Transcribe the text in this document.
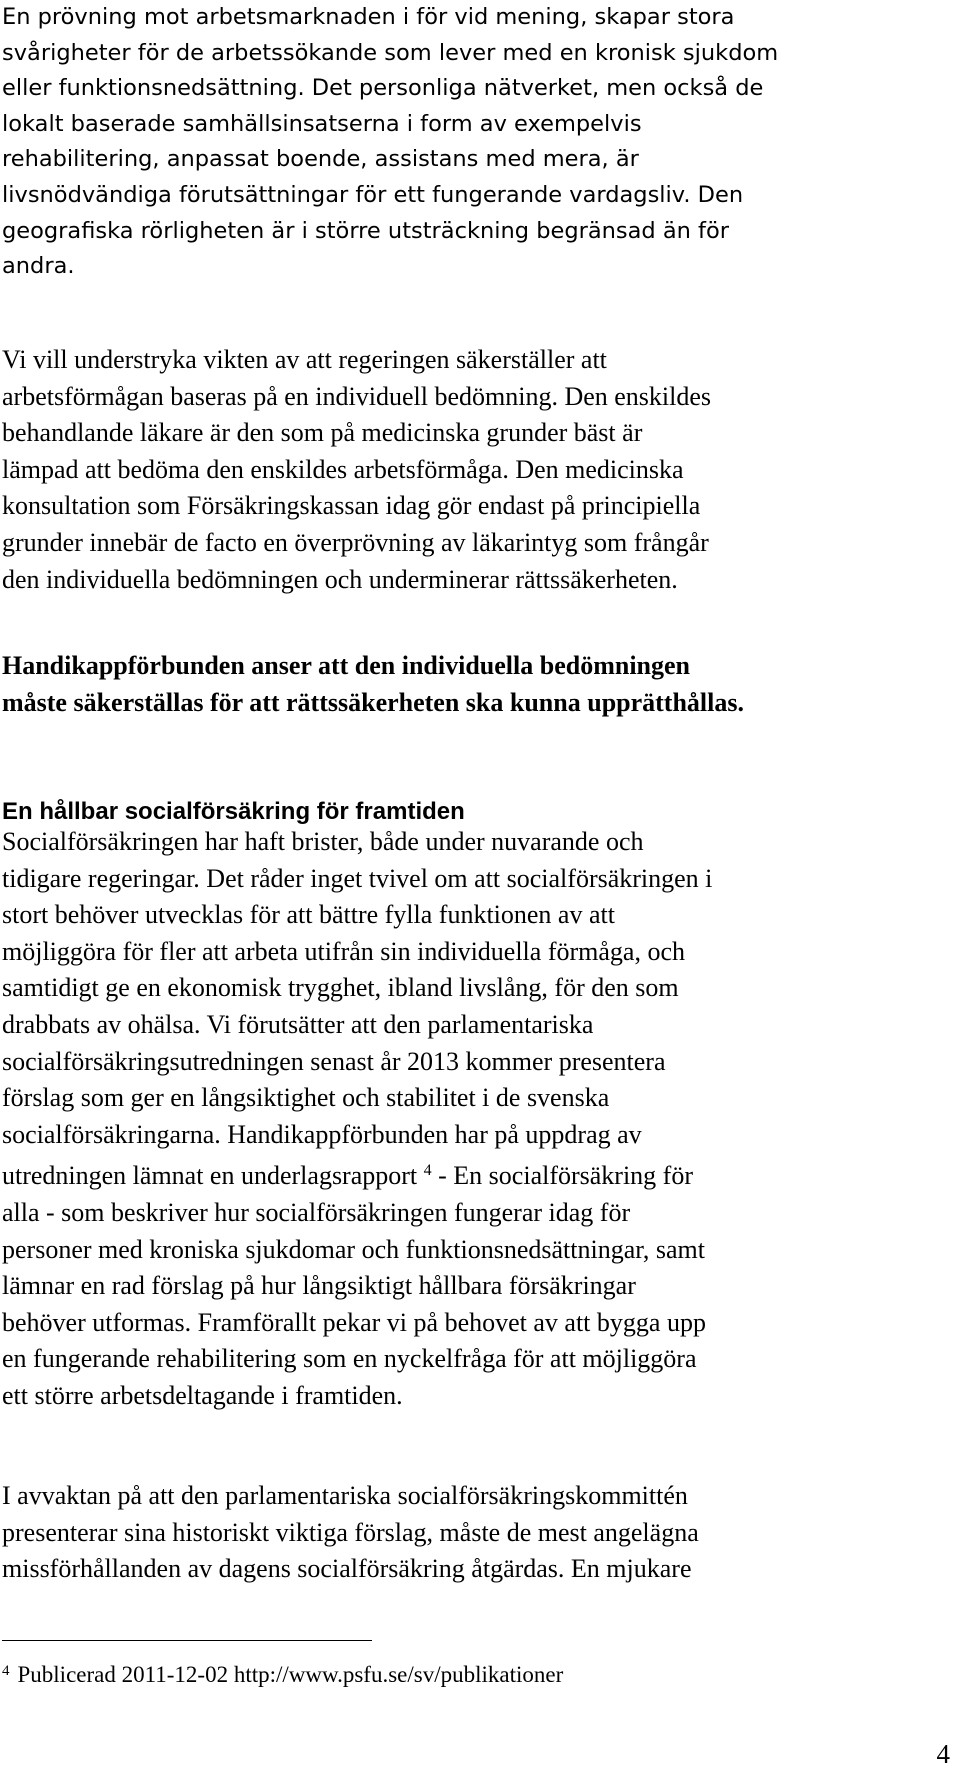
En prövning mot arbetsmarknaden i för vid mening, skapar stora
svårigheter för de arbetssökande som lever med en kronisk sjukdom
eller funktionsnedsättning. Det personliga nätverket, men också de
lokalt baserade samhällsinsatserna i form av exempelvis
rehabilitering, anpassat boende, assistans med mera, är
livsnödvändiga förutsättningar för ett fungerande vardagsliv. Den
geografiska rörligheten är i större utsträckning begränsad än för
andra.
Vi vill understryka vikten av att regeringen säkerställer att
arbetsförmågan baseras på en individuell bedömning. Den enskildes
behandlande läkare är den som på medicinska grunder bäst är
lämpad att bedöma den enskildes arbetsförmåga. Den medicinska
konsultation som Försäkringskassan idag gör endast på principiella
grunder innebär de facto en överprövning av läkarintyg som frångår
den individuella bedömningen och underminerar rättssäkerheten.
Handikappförbunden anser att den individuella bedömningen
måste säkerställas för att rättssäkerheten ska kunna upprätthållas.
En hållbar socialförsäkring för framtiden
Socialförsäkringen har haft brister, både under nuvarande och
tidigare regeringar. Det råder inget tvivel om att socialförsäkringen i
stort behöver utvecklas för att bättre fylla funktionen av att
möjliggöra för fler att arbeta utifrån sin individuella förmåga, och
samtidigt ge en ekonomisk trygghet, ibland livslång, för den som
drabbats av ohälsa. Vi förutsätter att den parlamentariska
socialförsäkringsutredningen senast år 2013 kommer presentera
förslag som ger en långsiktighet och stabilitet i de svenska
socialförsäkringarna. Handikappförbunden har på uppdrag av
utredningen lämnat en underlagsrapport $^4$ - En socialförsäkring för
alla - som beskriver hur socialförsäkringen fungerar idag för
personer med kroniska sjukdomar och funktionsnedsättningar, samt
lämnar en rad förslag på hur långsiktigt hållbara försäkringar
behöver utformas. Framförallt pekar vi på behovet av att bygga upp
en fungerande rehabilitering som en nyckelfråga för att möjliggöra
ett större arbetsdeltagande i framtiden.
I avvaktan på att den parlamentariska socialförsäkringskommittén
presenterar sina historiskt viktiga förslag, måste de mest angelägna
missförhållanden av dagens socialförsäkring åtgärdas. En mjukare
$^4$ Publicerad 2011-12-02 http://www.psfu.se/sv/publikationer
4
